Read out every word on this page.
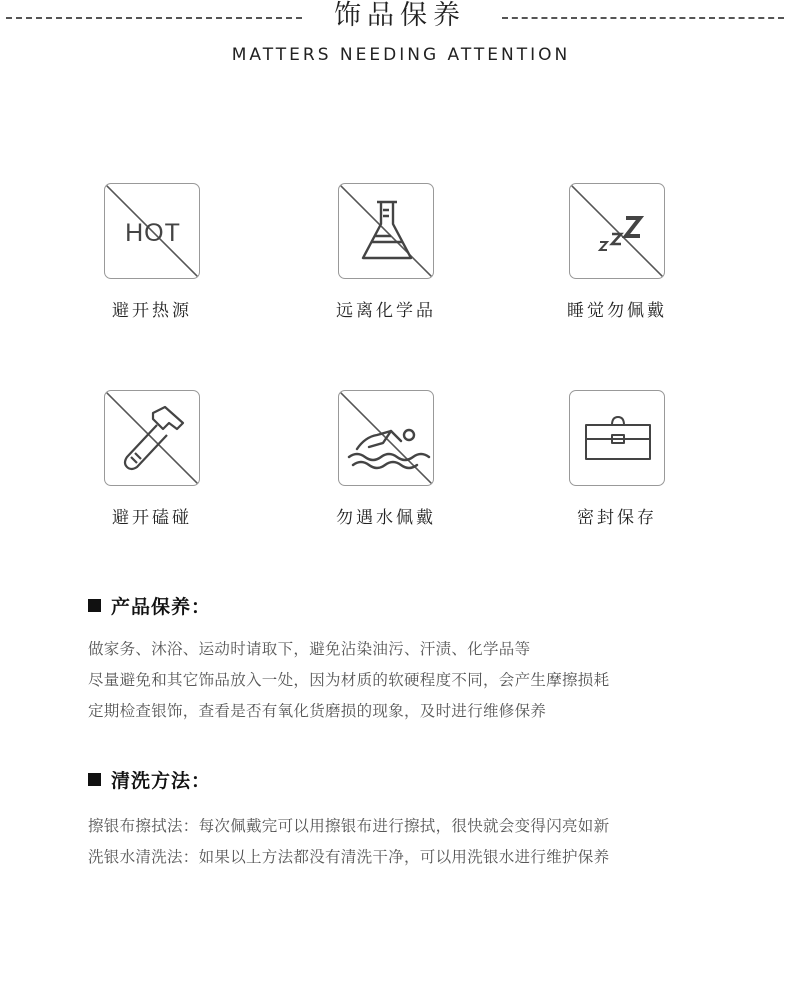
饰品保养
MATTERS NEEDING ATTENTION
HOT
避开热源	远离化学品	睡觉勿佩戴
避开磕碰	勿遇水佩戴	密封保存
产品保养：
做家务、沐浴、运动时请取下，避免沾染油污、汗渍、化学品等
尽量避免和其它饰品放入一处，因为材质的软硬程度不同，会产生摩擦损耗
定期检查银饰，查看是否有氧化货磨损的现象，及时进行维修保养
清洗方法：
擦银布擦拭法：每次佩戴完可以用擦银布进行擦拭，很快就会变得闪亮如新
洗银水清洗法：如果以上方法都没有清洗干净，可以用洗银水进行维护保养
